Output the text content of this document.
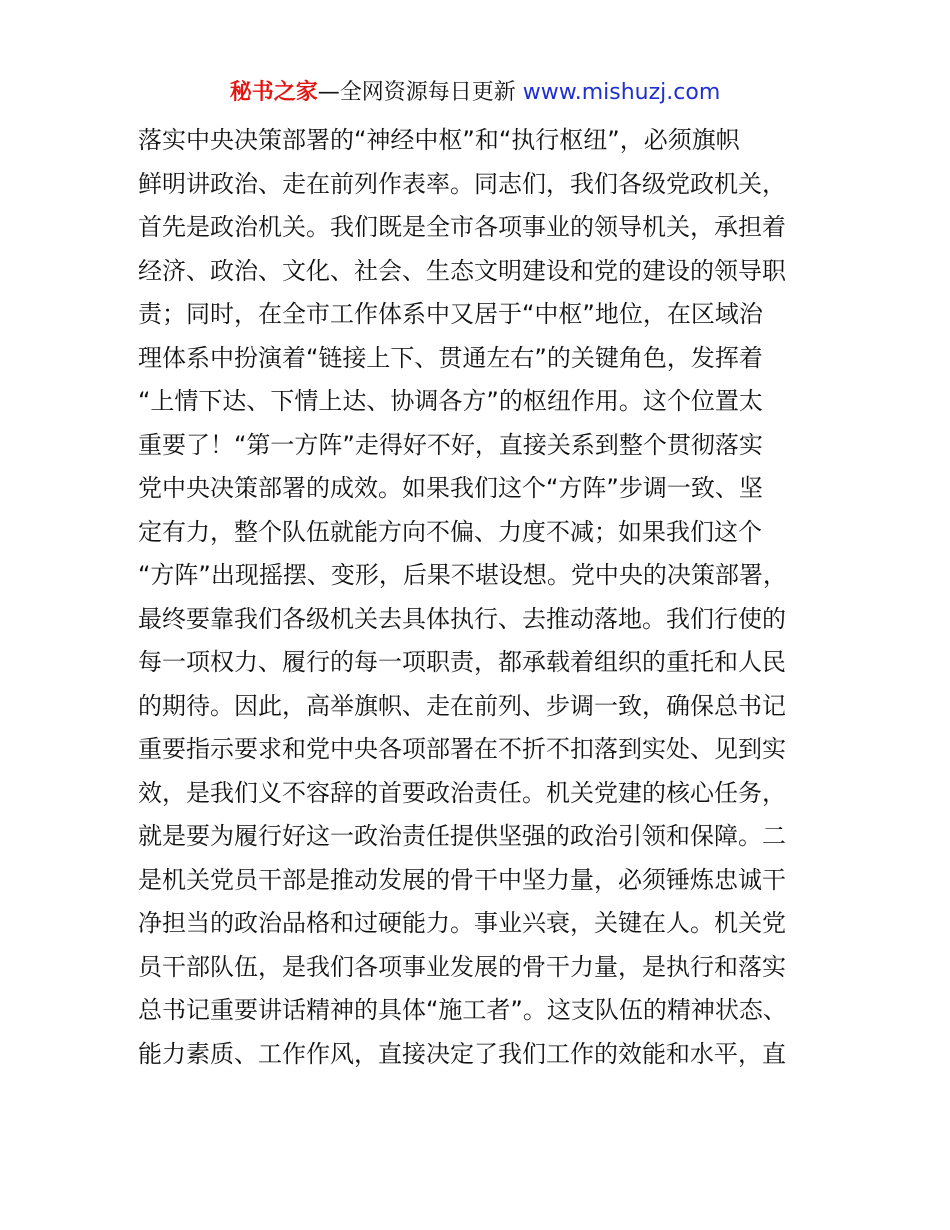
秘书之家—全网资源每日更新 www.mishuzj.com
落实中央决策部署的“神经中枢”和“执行枢纽”，必须旗帜
鲜明讲政治、走在前列作表率。同志们，我们各级党政机关，
首先是政治机关。我们既是全市各项事业的领导机关，承担着
经济、政治、文化、社会、生态文明建设和党的建设的领导职
责；同时，在全市工作体系中又居于“中枢”地位，在区域治
理体系中扮演着“链接上下、贯通左右”的关键角色，发挥着
“上情下达、下情上达、协调各方”的枢纽作用。这个位置太
重要了！“第一方阵”走得好不好，直接关系到整个贯彻落实
党中央决策部署的成效。如果我们这个“方阵”步调一致、坚
定有力，整个队伍就能方向不偏、力度不减；如果我们这个
“方阵”出现摇摆、变形，后果不堪设想。党中央的决策部署，
最终要靠我们各级机关去具体执行、去推动落地。我们行使的
每一项权力、履行的每一项职责，都承载着组织的重托和人民
的期待。因此，高举旗帜、走在前列、步调一致，确保总书记
重要指示要求和党中央各项部署在不折不扣落到实处、见到实
效，是我们义不容辞的首要政治责任。机关党建的核心任务，
就是要为履行好这一政治责任提供坚强的政治引领和保障。二
是机关党员干部是推动发展的骨干中坚力量，必须锤炼忠诚干
净担当的政治品格和过硬能力。事业兴衰，关键在人。机关党
员干部队伍，是我们各项事业发展的骨干力量，是执行和落实
总书记重要讲话精神的具体“施工者”。这支队伍的精神状态、
能力素质、工作作风，直接决定了我们工作的效能和水平，直
